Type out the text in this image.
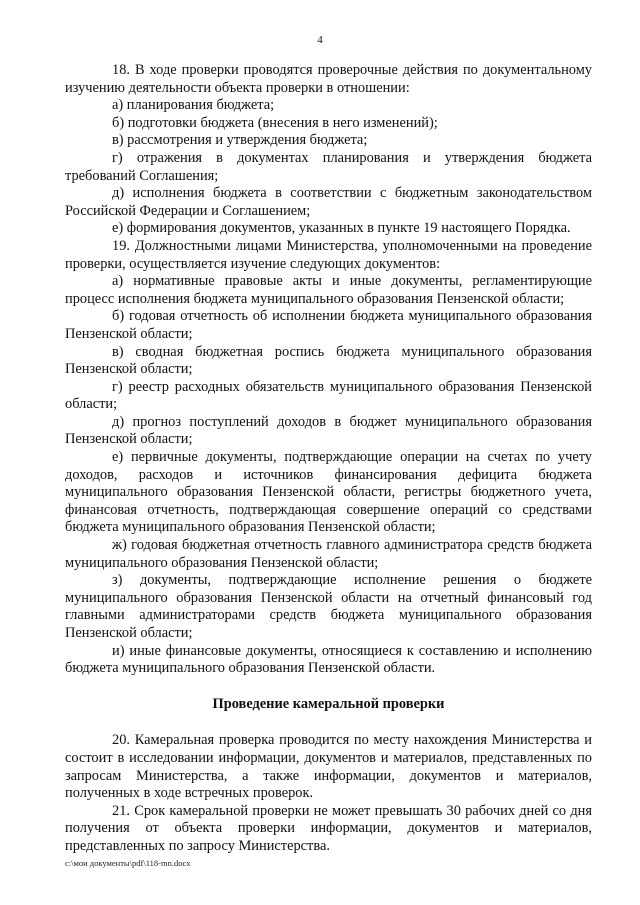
4

18. В ходе проверки проводятся проверочные действия по документальному изучению деятельности объекта проверки в отношении:

а) планирования бюджета;

б) подготовки бюджета (внесения в него изменений);

в) рассмотрения и утверждения бюджета;

г) отражения в документах планирования и утверждения бюджета требований Соглашения;

д) исполнения бюджета в соответствии с бюджетным законодательством Российской Федерации и Соглашением;

е) формирования документов, указанных в пункте 19 настоящего Порядка.

19. Должностными лицами Министерства, уполномоченными на проведение проверки, осуществляется изучение следующих документов:

а) нормативные правовые акты и иные документы, регламентирующие процесс исполнения бюджета муниципального образования Пензенской области;

б) годовая отчетность об исполнении бюджета муниципального образования Пензенской области;

в) сводная бюджетная роспись бюджета муниципального образования Пензенской области;

г) реестр расходных обязательств муниципального образования Пензенской области;

д) прогноз поступлений доходов в бюджет муниципального образования Пензенской области;

е) первичные документы, подтверждающие операции на счетах по учету доходов, расходов и источников финансирования дефицита бюджета муниципального образования Пензенской области, регистры бюджетного учета, финансовая отчетность, подтверждающая совершение операций со средствами бюджета муниципального образования Пензенской области;

ж) годовая бюджетная отчетность главного администратора средств бюджета муниципального образования Пензенской области;

з) документы, подтверждающие исполнение решения о бюджете муниципального образования Пензенской области на отчетный финансовый год главными администраторами средств бюджета муниципального образования Пензенской области;

и) иные финансовые документы, относящиеся к составлению и исполнению бюджета муниципального образования Пензенской области.

Проведение камеральной проверки

20. Камеральная проверка проводится по месту нахождения Министерства и состоит в исследовании информации, документов и материалов, представленных по запросам Министерства, а также информации, документов и материалов, полученных в ходе встречных проверок.

21. Срок камеральной проверки не может превышать 30 рабочих дней со дня получения от объекта проверки информации, документов и материалов, представленных по запросу Министерства.

c:\мои документы\pdf\118-mn.docx
